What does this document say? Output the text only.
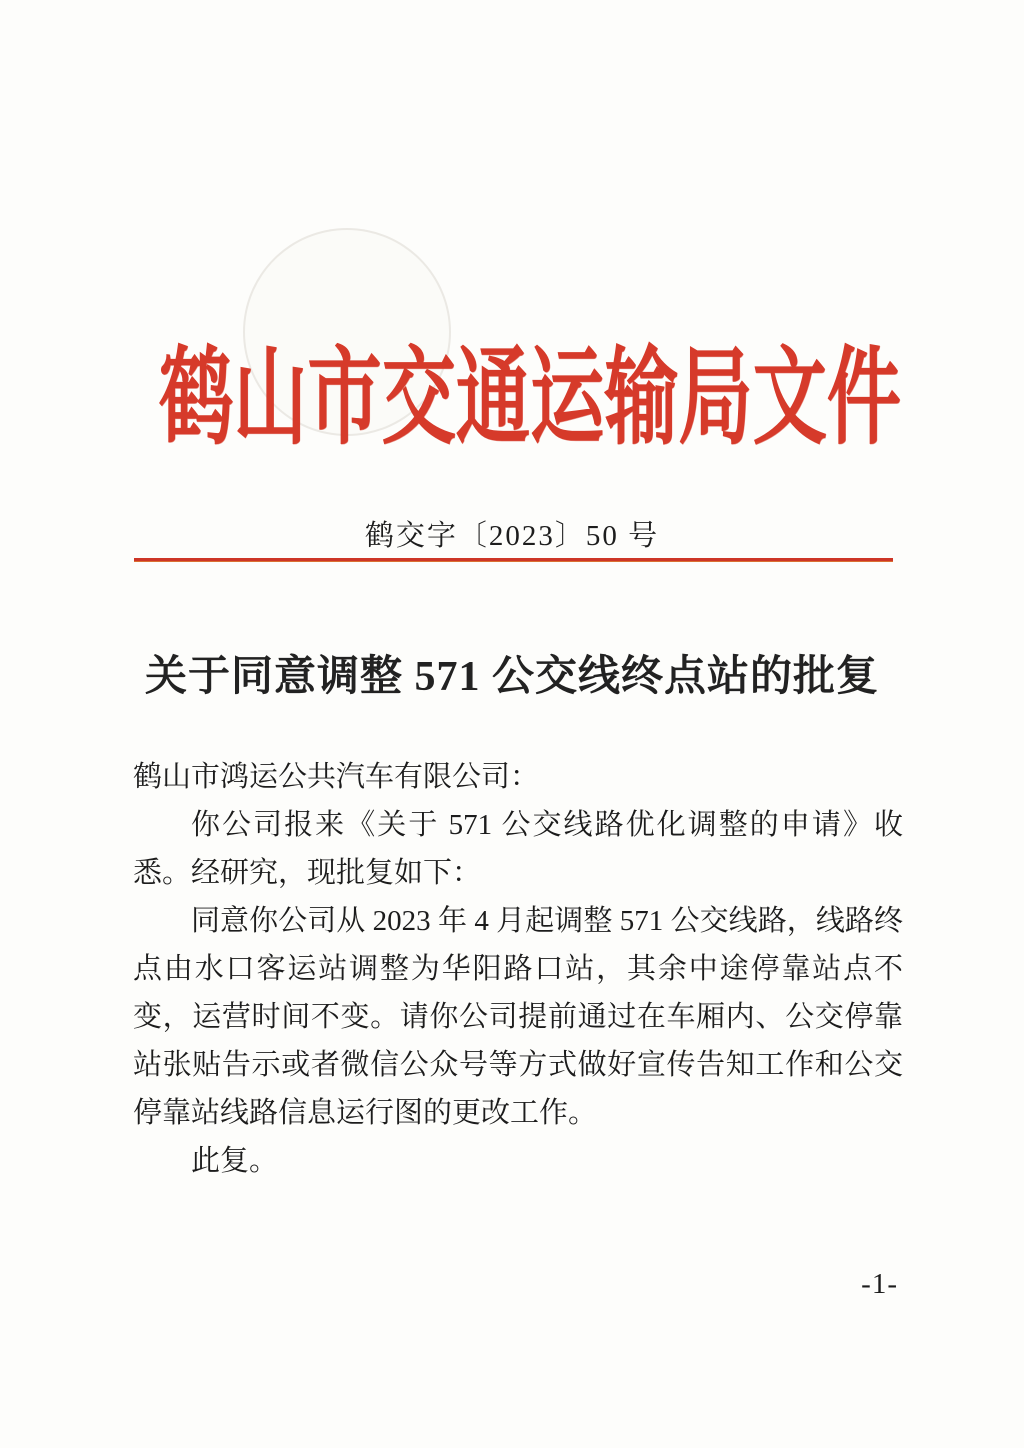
鹤山市交通运输局文件
鹤交字〔2023〕50 号
关于同意调整 571 公交线终点站的批复

鹤山市鸿运公共汽车有限公司：

你公司报来《关于 571 公交线路优化调整的申请》收悉。经研究，现批复如下：

同意你公司从 2023 年 4 月起调整 571 公交线路，线路终点由水口客运站调整为华阳路口站，其余中途停靠站点不变，运营时间不变。请你公司提前通过在车厢内、公交停靠站张贴告示或者微信公众号等方式做好宣传告知工作和公交停靠站线路信息运行图的更改工作。

此复。

-1-
